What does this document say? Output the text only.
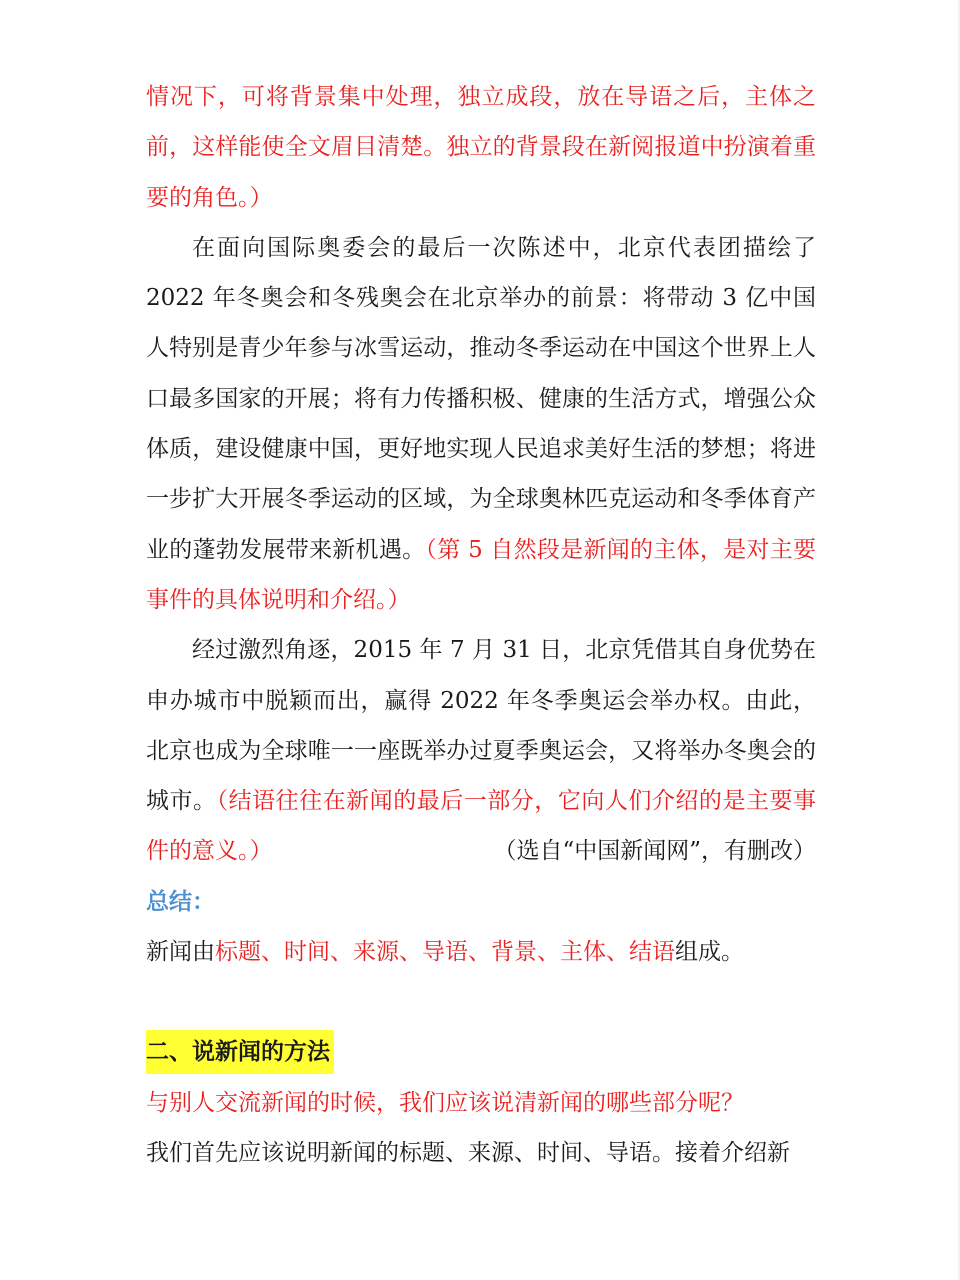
情况下，可将背景集中处理，独立成段，放在导语之后，主体之前，这样能使全文眉目清楚。独立的背景段在新阅报道中扮演着重要的角色。）

在面向国际奥委会的最后一次陈述中，北京代表团描绘了2022 年冬奥会和冬残奥会在北京举办的前景：将带动 3 亿中国人特别是青少年参与冰雪运动，推动冬季运动在中国这个世界上人口最多国家的开展；将有力传播积极、健康的生活方式，增强公众体质，建设健康中国，更好地实现人民追求美好生活的梦想；将进一步扩大开展冬季运动的区域，为全球奥林匹克运动和冬季体育产业的蓬勃发展带来新机遇。（第 5 自然段是新闻的主体，是对主要事件的具体说明和介绍。）

经过激烈角逐，2015 年 7 月 31 日，北京凭借其自身优势在申办城市中脱颖而出，赢得 2022 年冬季奥运会举办权。由此，北京也成为全球唯一一座既举办过夏季奥运会，又将举办冬奥会的城市。（结语往往在新闻的最后一部分，它向人们介绍的是主要事件的意义。）	（选自“中国新闻网”，有删改）

总结：

新闻由标题、时间、来源、导语、背景、主体、结语组成。

二、说新闻的方法

与别人交流新闻的时候，我们应该说清新闻的哪些部分呢？

我们首先应该说明新闻的标题、来源、时间、导语。接着介绍新
